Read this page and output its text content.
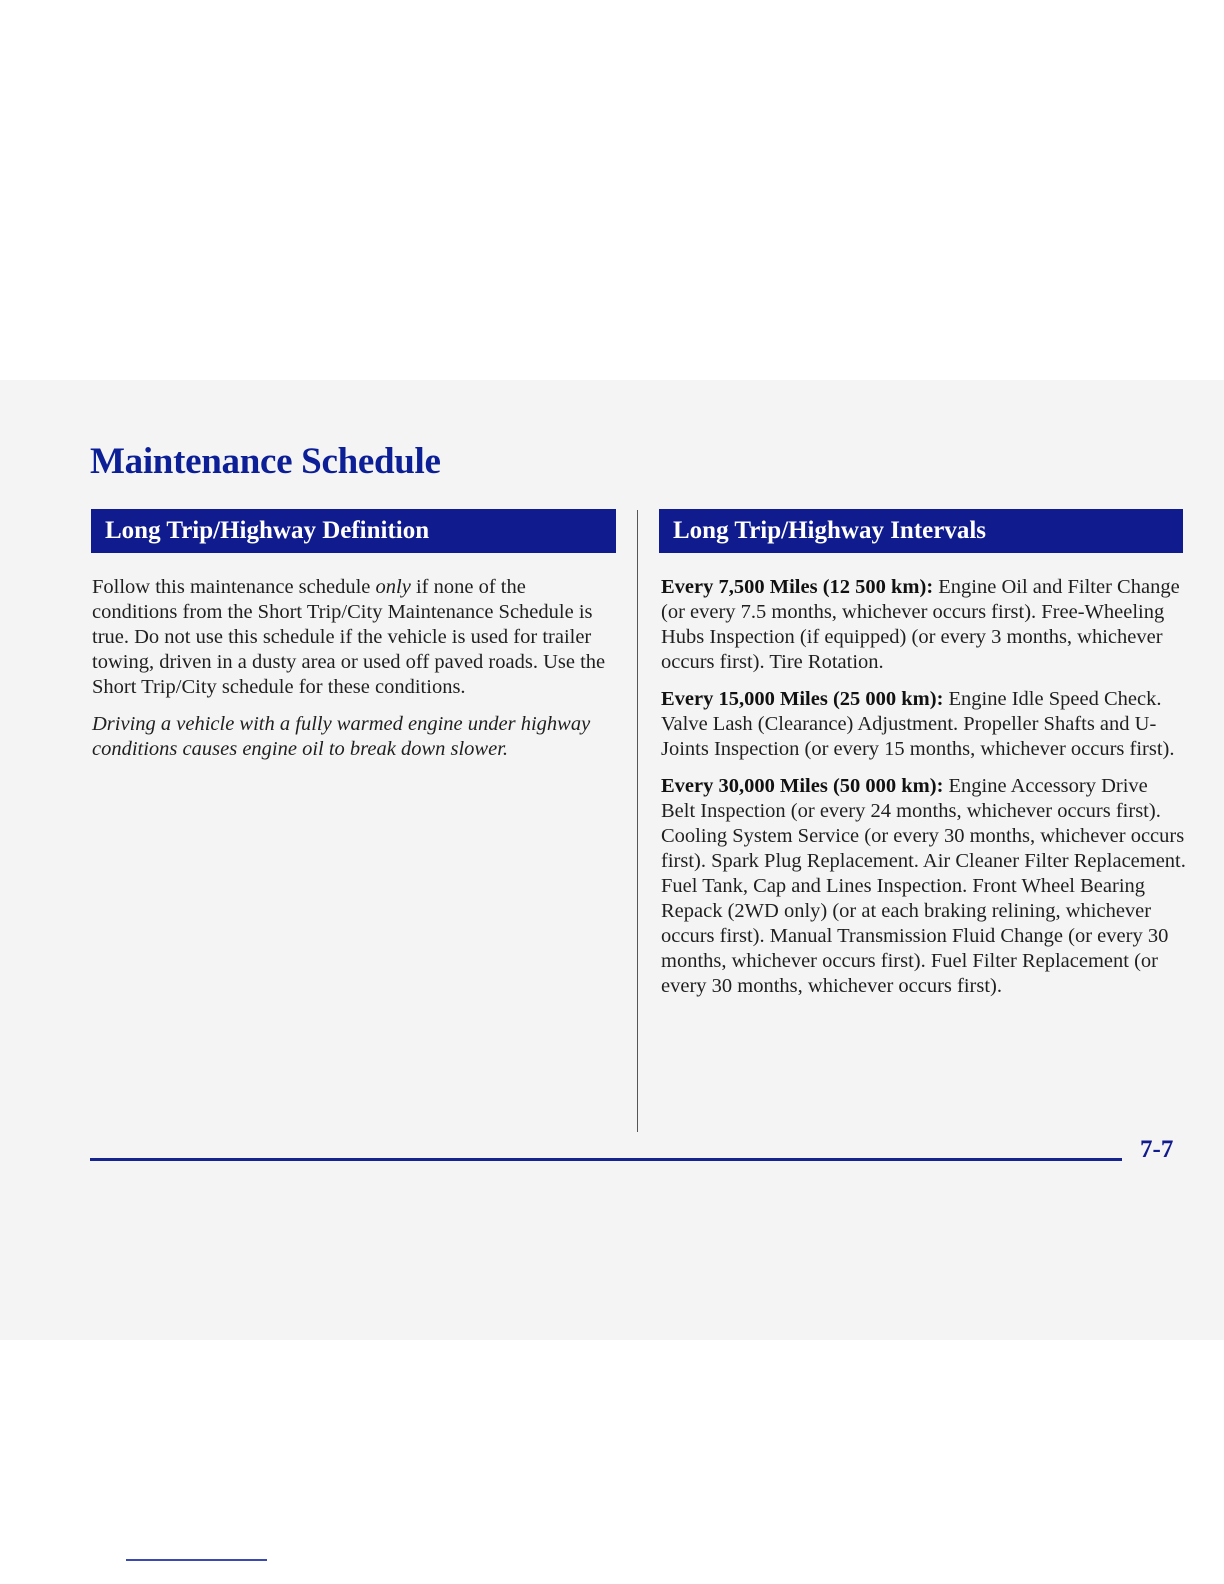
Maintenance Schedule
Long Trip/Highway Definition	Long Trip/Highway Intervals

Follow this maintenance schedule only if none of the conditions from the Short Trip/City Maintenance Schedule is true. Do not use this schedule if the vehicle is used for trailer towing, driven in a dusty area or used off paved roads. Use the Short Trip/City schedule for these conditions.

Driving a vehicle with a fully warmed engine under highway conditions causes engine oil to break down slower.

Every 7,500 Miles (12 500 km): Engine Oil and Filter Change (or every 7.5 months, whichever occurs first). Free-Wheeling Hubs Inspection (if equipped) (or every 3 months, whichever occurs first). Tire Rotation.

Every 15,000 Miles (25 000 km): Engine Idle Speed Check. Valve Lash (Clearance) Adjustment. Propeller Shafts and U-Joints Inspection (or every 15 months, whichever occurs first).

Every 30,000 Miles (50 000 km): Engine Accessory Drive Belt Inspection (or every 24 months, whichever occurs first). Cooling System Service (or every 30 months, whichever occurs first). Spark Plug Replacement. Air Cleaner Filter Replacement. Fuel Tank, Cap and Lines Inspection. Front Wheel Bearing Repack (2WD only) (or at each braking relining, whichever occurs first). Manual Transmission Fluid Change (or every 30 months, whichever occurs first). Fuel Filter Replacement (or every 30 months, whichever occurs first).

7-7
